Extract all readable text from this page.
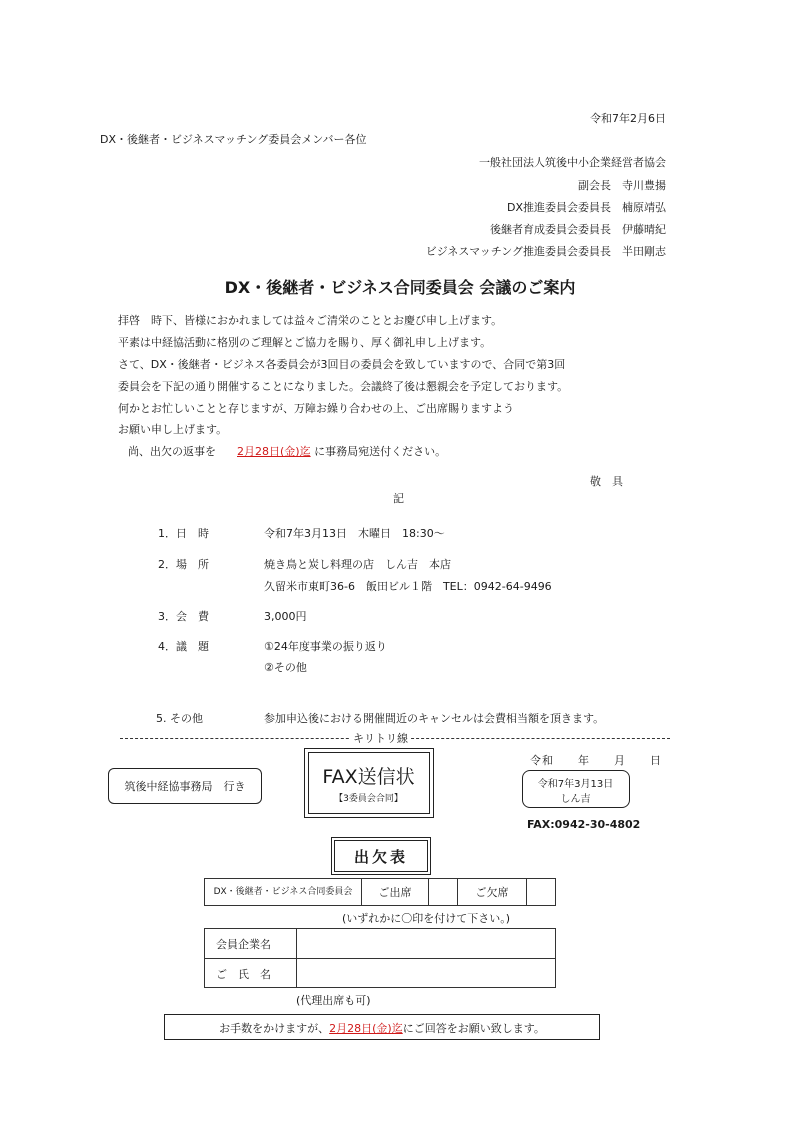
令和7年2月6日
DX・後継者・ビジネスマッチング委員会メンバー各位
一般社団法人筑後中小企業経営者協会
副会長　寺川豊揚
DX推進委員会委員長　楠原靖弘
後継者育成委員会委員長　伊藤晴紀
ビジネスマッチング推進委員会委員長　半田剛志
DX・後継者・ビジネス合同委員会 会議のご案内
拝啓　時下、皆様におかれましては益々ご清栄のこととお慶び申し上げます。
平素は中経協活動に格別のご理解とご協力を賜り、厚く御礼申し上げます。
さて、DX・後継者・ビジネス各委員会が3回目の委員会を致していますので、合同で第3回
委員会を下記の通り開催することになりました。会議終了後は懇親会を予定しております。
何かとお忙しいことと存じますが、万障お繰り合わせの上、ご出席賜りますよう
お願い申し上げます。
尚、出欠の返事を 2月28日(金)迄 に事務局宛送付ください。
敬　具
記
1．日　時	令和7年3月13日　木曜日　18:30～
2．場　所	焼き鳥と炭し料理の店　しん吉　本店
久留米市東町36-6　飯田ビル１階　TEL：0942-64-9496
3．会　費	3,000円
4．議　題	①24年度事業の振り返り
②その他
5. その他	参加申込後における開催間近のキャンセルは会費相当額を頂きます。
キリトリ線
筑後中経協事務局　行き	FAX送信状
【3委員会合同】
令和　　年　　月　　日
令和7年3月13日
しん吉
FAX:0942-30-4802
出欠表
DX・後継者・ビジネス合同委員会 ご出席	ご欠席
(いずれかに〇印を付けて下さい。)
会員企業名
ご　氏　名
(代理出席も可)
お手数をかけますが、2月28日(金)迄にご回答をお願い致します。
